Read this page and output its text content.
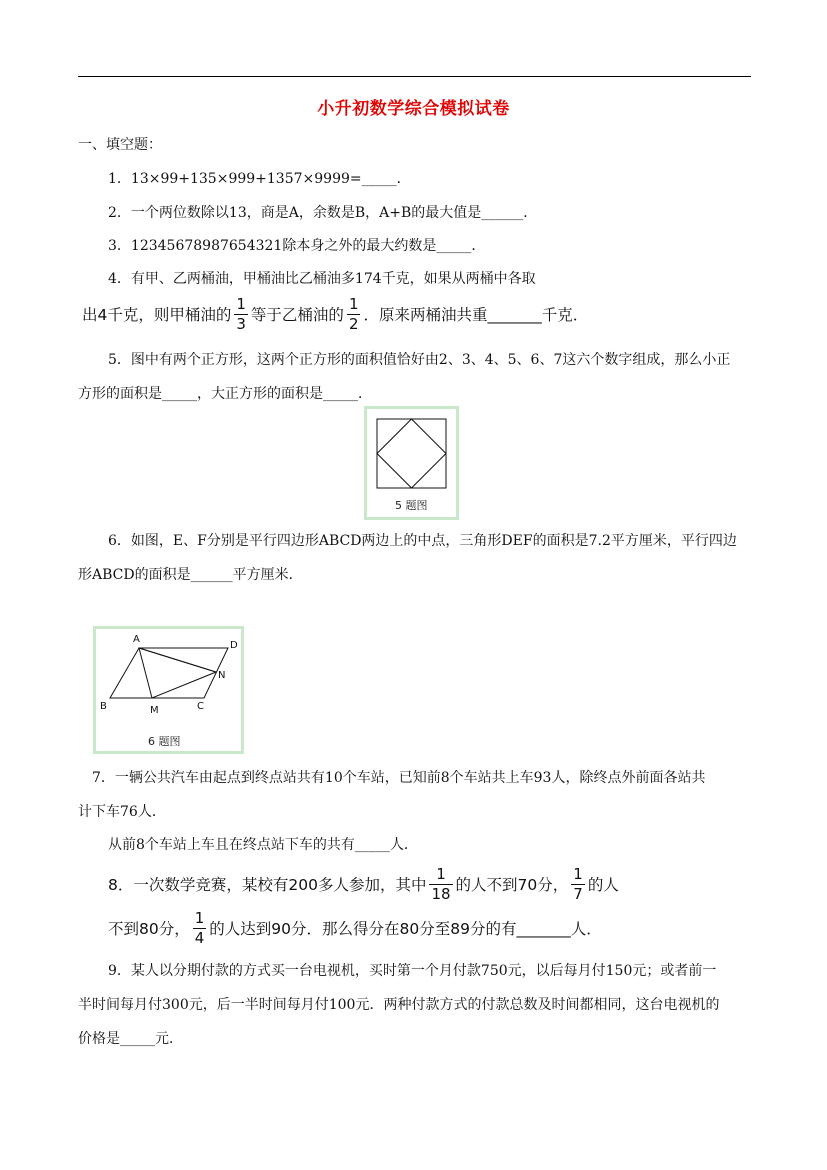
小升初数学综合模拟试卷
一、填空题：
1．13×99+135×999+1357×9999=_____．
2．一个两位数除以13，商是A，余数是B，A+B的最大值是______．
3．12345678987654321除本身之外的最大约数是_____．
4．有甲、乙两桶油，甲桶油比乙桶油多174千克，如果从两桶中各取
出4千克，则甲桶油的 $\frac{1}{3}$ 等于乙桶油的 $\frac{1}{2}$ ．原来两桶油共重_______千克．
5．图中有两个正方形，这两个正方形的面积值恰好由2、3、4、5、6、7这六个数字组成，那么小正
方形的面积是_____，大正方形的面积是_____．
5 题图
6．如图，E、F分别是平行四边形ABCD两边上的中点，三角形DEF的面积是7.2平方厘米，平行四边
形ABCD的面积是______平方厘米．
A
D
B	M	C
N
6 题图
7．一辆公共汽车由起点到终点站共有10个车站，已知前8个车站共上车93人，除终点外前面各站共
计下车76人．
从前8个车站上车且在终点站下车的共有_____人．
8．一次数学竞赛，某校有200多人参加，其中 $\frac{1}{18}$ 的人不到70分， $\frac{1}{7}$ 的人
不到80分， $\frac{1}{4}$ 的人达到90分．那么得分在80分至89分的有_______人．
9．某人以分期付款的方式买一台电视机，买时第一个月付款750元，以后每月付150元；或者前一
半时间每月付300元，后一半时间每月付100元．两种付款方式的付款总数及时间都相同，这台电视机的
价格是_____元．
